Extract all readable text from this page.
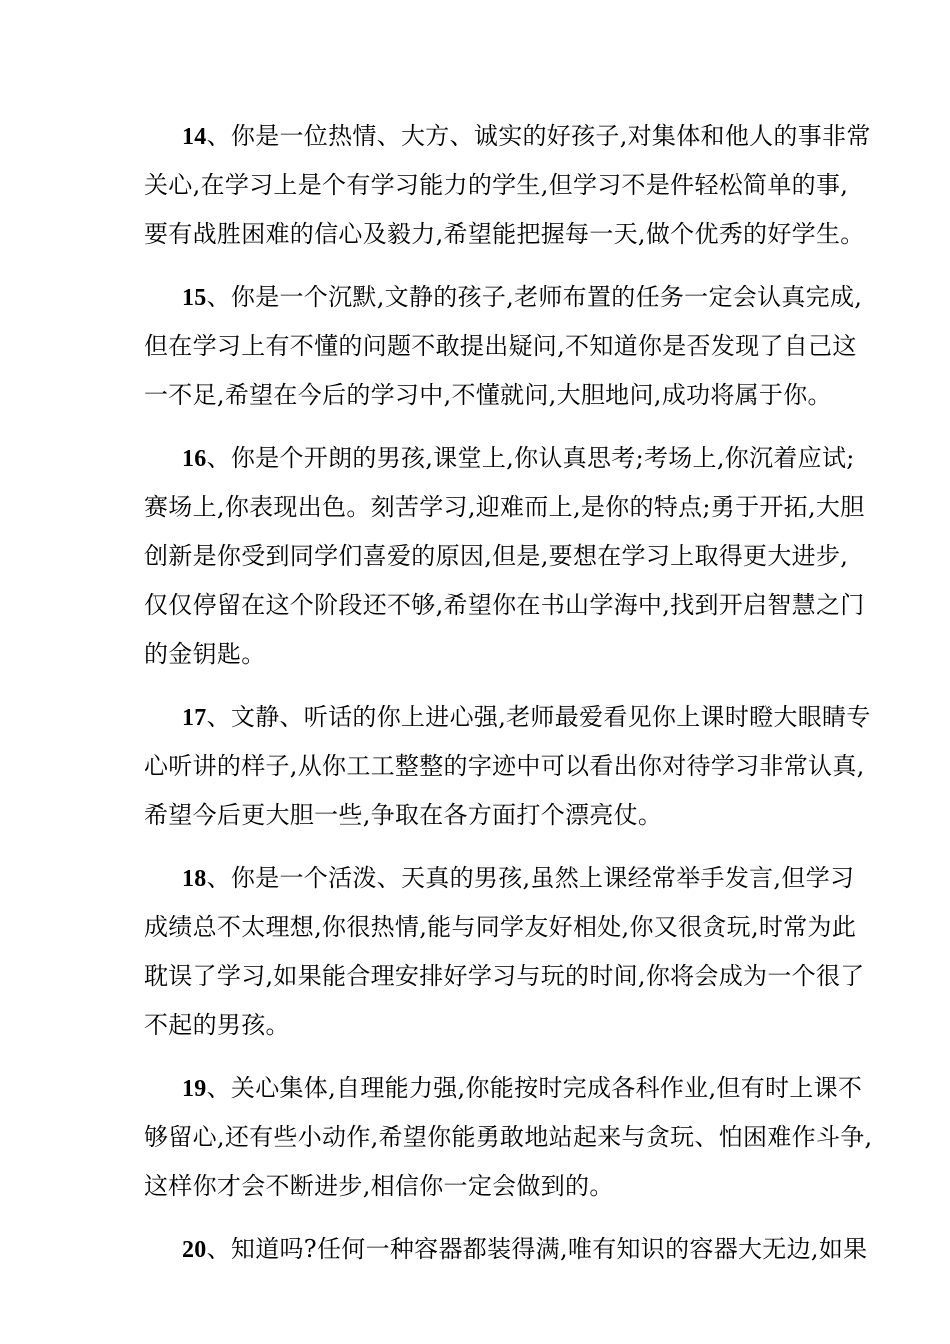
14、你是一位热情、大方、诚实的好孩子,对集体和他人的事非常
关心,在学习上是个有学习能力的学生,但学习不是件轻松简单的事,
要有战胜困难的信心及毅力,希望能把握每一天,做个优秀的好学生。
15、你是一个沉默,文静的孩子,老师布置的任务一定会认真完成,
但在学习上有不懂的问题不敢提出疑问,不知道你是否发现了自己这
一不足,希望在今后的学习中,不懂就问,大胆地问,成功将属于你。
16、你是个开朗的男孩,课堂上,你认真思考;考场上,你沉着应试;
赛场上,你表现出色。刻苦学习,迎难而上,是你的特点;勇于开拓,大胆
创新是你受到同学们喜爱的原因,但是,要想在学习上取得更大进步,
仅仅停留在这个阶段还不够,希望你在书山学海中,找到开启智慧之门
的金钥匙。
17、文静、听话的你上进心强,老师最爱看见你上课时瞪大眼睛专
心听讲的样子,从你工工整整的字迹中可以看出你对待学习非常认真,
希望今后更大胆一些,争取在各方面打个漂亮仗。
18、你是一个活泼、天真的男孩,虽然上课经常举手发言,但学习
成绩总不太理想,你很热情,能与同学友好相处,你又很贪玩,时常为此
耽误了学习,如果能合理安排好学习与玩的时间,你将会成为一个很了
不起的男孩。
19、关心集体,自理能力强,你能按时完成各科作业,但有时上课不
够留心,还有些小动作,希望你能勇敢地站起来与贪玩、怕困难作斗争,
这样你才会不断进步,相信你一定会做到的。
20、知道吗?任何一种容器都装得满,唯有知识的容器大无边,如果
